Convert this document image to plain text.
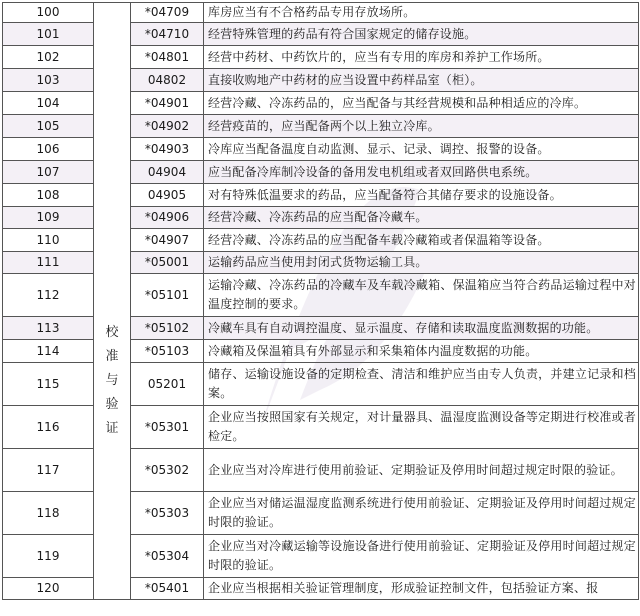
100	校准与验证	*04709	库房应当有不合格药品专用存放场所。
101		*04710	经营特殊管理的药品有符合国家规定的储存设施。
102		*04801	经营中药材、中药饮片的，应当有专用的库房和养护工作场所。
103		04802	直接收购地产中药材的应当设置中药样品室（柜）。
104		*04901	经营冷藏、冷冻药品的，应当配备与其经营规模和品种相适应的冷库。
105		*04902	经营疫苗的，应当配备两个以上独立冷库。
106		*04903	冷库应当配备温度自动监测、显示、记录、调控、报警的设备。
107		04904	应当配备冷库制冷设备的备用发电机组或者双回路供电系统。
108		04905	对有特殊低温要求的药品，应当配备符合其储存要求的设施设备。
109		*04906	经营冷藏、冷冻药品的应当配备冷藏车。
110		*04907	经营冷藏、冷冻药品的应当配备车载冷藏箱或者保温箱等设备。
111		*05001	运输药品应当使用封闭式货物运输工具。
112		*05101	运输冷藏、冷冻药品的冷藏车及车载冷藏箱、保温箱应当符合药品运输过程中对温度控制的要求。
113		*05102	冷藏车具有自动调控温度、显示温度、存储和读取温度监测数据的功能。
114		*05103	冷藏箱及保温箱具有外部显示和采集箱体内温度数据的功能。
115		05201	储存、运输设施设备的定期检查、清洁和维护应当由专人负责，并建立记录和档案。
116		*05301	企业应当按照国家有关规定，对计量器具、温湿度监测设备等定期进行校准或者检定。
117		*05302	企业应当对冷库进行使用前验证、定期验证及停用时间超过规定时限的验证。
118		*05303	企业应当对储运温湿度监测系统进行使用前验证、定期验证及停用时间超过规定时限的验证。
119		*05304	企业应当对冷藏运输等设施设备进行使用前验证、定期验证及停用时间超过规定时限的验证。
120		*05401	企业应当根据相关验证管理制度，形成验证控制文件，包括验证方案、报
